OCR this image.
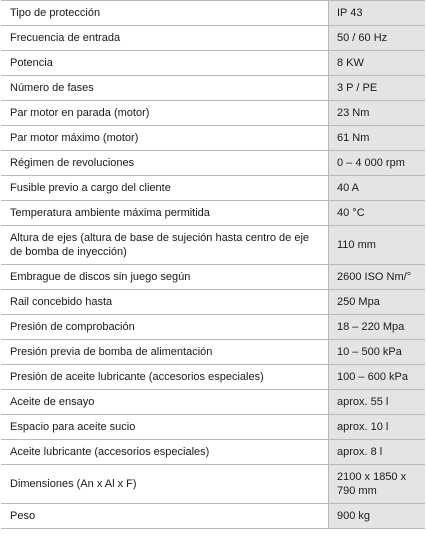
Tipo de protección	IP 43
Frecuencia de entrada	50 / 60 Hz
Potencia	8 KW
Número de fases	3 P / PE
Par motor en parada (motor)	23 Nm
Par motor máximo (motor)	61 Nm
Régimen de revoluciones	0 – 4 000 rpm
Fusible previo a cargo del cliente	40 A
Temperatura ambiente máxima permitida	40 °C
Altura de ejes (altura de base de sujeción hasta centro de eje de bomba de inyección)	110 mm
Embrague de discos sin juego según	2600 ISO Nm/°
Rail concebido hasta	250 Mpa
Presión de comprobación	18 – 220 Mpa
Presión previa de bomba de alimentación	10 – 500 kPa
Presión de aceite lubricante (accesorios especiales)	100 – 600 kPa
Aceite de ensayo	aprox. 55 l
Espacio para aceite sucio	aprox. 10 l
Aceite lubricante (accesorios especiales)	aprox. 8 l
Dimensiones (An x Al x F)	2100 x 1850 x 790 mm
Peso	900 kg
